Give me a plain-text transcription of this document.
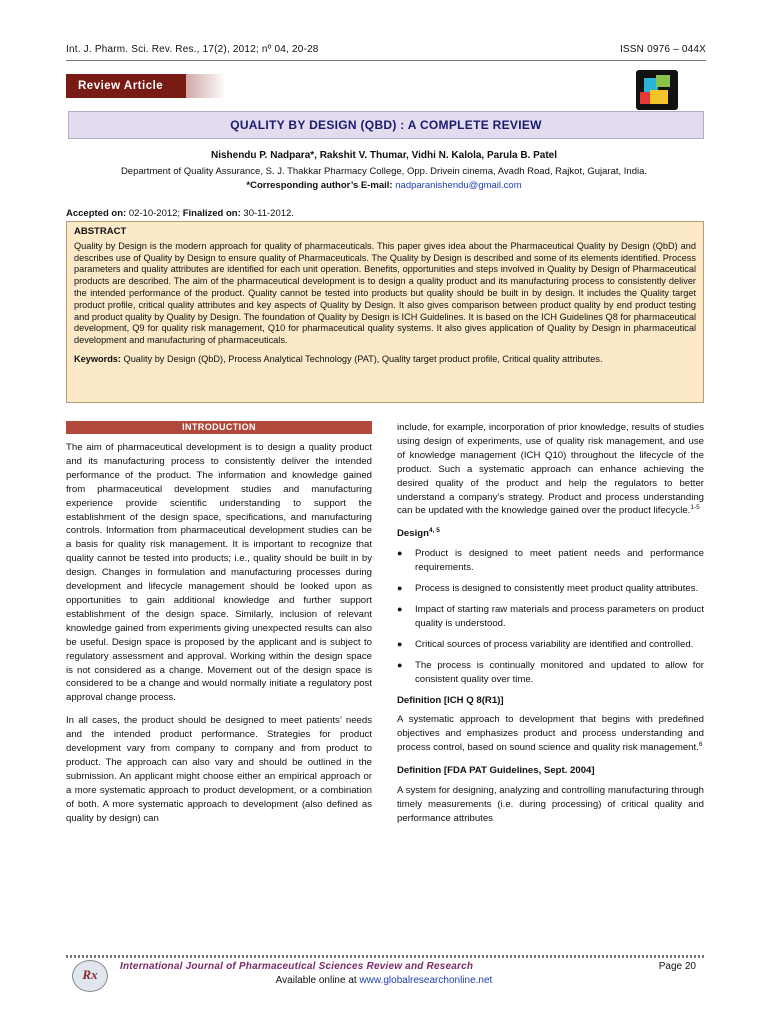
Int. J. Pharm. Sci. Rev. Res., 17(2), 2012; nº 04, 20-28	ISSN 0976 – 044X
Review Article
QUALITY BY DESIGN (QBD) : A COMPLETE REVIEW
Nishendu P. Nadpara*, Rakshit V. Thumar, Vidhi N. Kalola, Parula B. Patel
Department of Quality Assurance, S. J. Thakkar Pharmacy College, Opp. Drivein cinema, Avadh Road, Rajkot, Gujarat, India.
*Corresponding author’s E-mail: nadparanishendu@gmail.com
Accepted on: 02-10-2012; Finalized on: 30-11-2012.
ABSTRACT
Quality by Design is the modern approach for quality of pharmaceuticals. This paper gives idea about the Pharmaceutical Quality by Design (QbD) and describes use of Quality by Design to ensure quality of Pharmaceuticals. The Quality by Design is described and some of its elements identified. Process parameters and quality attributes are identified for each unit operation. Benefits, opportunities and steps involved in Quality by Design of Pharmaceutical products are described. The aim of the pharmaceutical development is to design a quality product and its manufacturing process to consistently deliver the intended performance of the product. Quality cannot be tested into products but quality should be built in by design. It includes the Quality target product profile, critical quality attributes and key aspects of Quality by Design. It also gives comparison between product quality by end product testing and product quality by Quality by Design. The foundation of Quality by Design is ICH Guidelines. It is based on the ICH Guidelines Q8 for pharmaceutical development, Q9 for quality risk management, Q10 for pharmaceutical quality systems. It also gives application of Quality by Design in pharmaceutical development and manufacturing of pharmaceuticals.
Keywords: Quality by Design (QbD), Process Analytical Technology (PAT), Quality target product profile, Critical quality attributes.
INTRODUCTION

The aim of pharmaceutical development is to design a quality product and its manufacturing process to consistently deliver the intended performance of the product. The information and knowledge gained from pharmaceutical development studies and manufacturing experience provide scientific understanding to support the establishment of the design space, specifications, and manufacturing controls. Information from pharmaceutical development studies can be a basis for quality risk management. It is important to recognize that quality cannot be tested into products; i.e., quality should be built in by design. Changes in formulation and manufacturing processes during development and lifecycle management should be looked upon as opportunities to gain additional knowledge and further support establishment of the design space. Similarly, inclusion of relevant knowledge gained from experiments giving unexpected results can also be useful. Design space is proposed by the applicant and is subject to regulatory assessment and approval. Working within the design space is not considered as a change. Movement out of the design space is considered to be a change and would normally initiate a regulatory post approval change process.

In all cases, the product should be designed to meet patients’ needs and the intended product performance. Strategies for product development vary from company to company and from product to product. The approach can also vary and should be outlined in the submission. An applicant might choose either an empirical approach or a more systematic approach to product development, or a combination of both. A more systematic approach to development (also defined as quality by design) can

include, for example, incorporation of prior knowledge, results of studies using design of experiments, use of quality risk management, and use of knowledge management (ICH Q10) throughout the lifecycle of the product. Such a systematic approach can enhance achieving the desired quality of the product and help the regulators to better understand a company’s strategy. Product and process understanding can be updated with the knowledge gained over the product lifecycle.$^{1-5}$

Design$^{4, 5}$
●	Product is designed to meet patient needs and performance requirements.
●	Process is designed to consistently meet product quality attributes.
●	Impact of starting raw materials and process parameters on product quality is understood.
●	Critical sources of process variability are identified and controlled.
●	The process is continually monitored and updated to allow for consistent quality over time.
Definition [ICH Q 8(R1)]

A systematic approach to development that begins with predefined objectives and emphasizes product and process understanding and process control, based on sound science and quality risk management.$^6$

Definition [FDA PAT Guidelines, Sept. 2004]

A system for designing, analyzing and controlling manufacturing through timely measurements (i.e. during processing) of critical quality and performance attributes

Rx
International Journal of Pharmaceutical Sciences Review and Research	Page 20
Available online at www.globalresearchonline.net
